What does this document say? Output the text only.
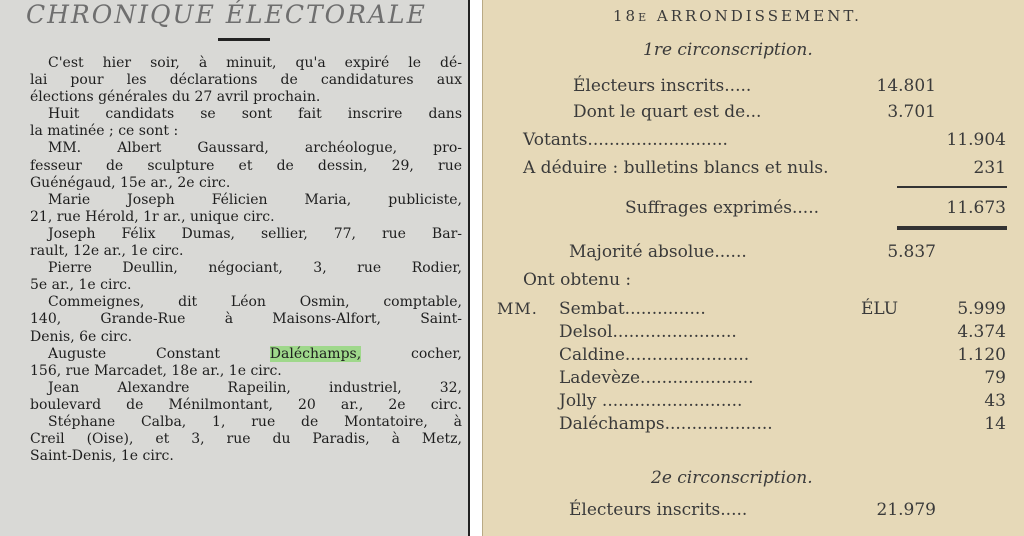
CHRONIQUE ÉLECTORALE
C'est hier soir, à minuit, qu'a expiré le dé-
lai pour les déclarations de candidatures aux
élections générales du 27 avril prochain.
Huit candidats se sont fait inscrire dans
la matinée ; ce sont :
MM. Albert Gaussard, archéologue, pro-
fesseur de sculpture et de dessin, 29, rue
Guénégaud, 15e ar., 2e circ.
Marie Joseph Félicien Maria, publiciste,
21, rue Hérold, 1r ar., unique circ.
Joseph Félix Dumas, sellier, 77, rue Bar-
rault, 12e ar., 1e circ.
Pierre Deullin, négociant, 3, rue Rodier,
5e ar., 1e circ.
Commeignes, dit Léon Osmin, comptable,
140, Grande-Rue à Maisons-Alfort, Saint-
Denis, 6e circ.
Auguste Constant Daléchamps, cocher,
156, rue Marcadet, 18e ar., 1e circ.
Jean Alexandre Rapeilin, industriel, 32,
boulevard de Ménilmontant, 20 ar., 2e circ.
Stéphane Calba, 1, rue de Montatoire, à
Creil (Oise), et 3, rue du Paradis, à Metz,
Saint-Denis, 1e circ.
18e ARRONDISSEMENT.
1re circonscription.
Électeurs inscrits.....	14.801
Dont le quart est de...	3.701
Votants..........................	11.904
A déduire : bulletins blancs et nuls.	231
Suffrages exprimés.....	11.673
Majorité absolue......	5.837
Ont obtenu :
MM. Sembat...............	ÉLU	5.999
Delsol.......................	4.374
Caldine.......................	1.120
Ladevèze.....................	79
Jolly ..........................	43
Daléchamps....................	14
2e circonscription.
Électeurs inscrits.....	21.979
